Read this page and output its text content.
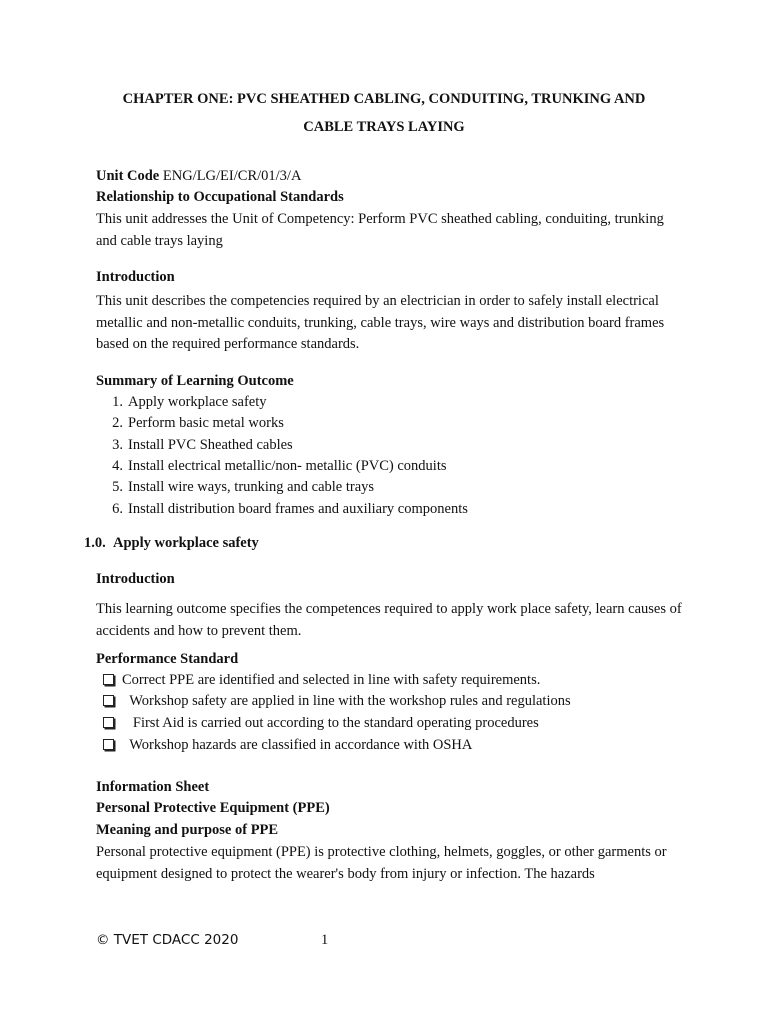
CHAPTER ONE: PVC SHEATHED CABLING, CONDUITING, TRUNKING AND
CABLE TRAYS LAYING
Unit Code ENG/LG/EI/CR/01/3/A
Relationship to Occupational Standards
This unit addresses the Unit of Competency: Perform PVC sheathed cabling, conduiting, trunking and cable trays laying
Introduction
This unit describes the competencies required by an electrician in order to safely install electrical metallic and non-metallic conduits, trunking, cable trays, wire ways and distribution board frames based on the required performance standards.
Summary of Learning Outcome
1. Apply workplace safety
2. Perform basic metal works
3. Install PVC Sheathed cables
4. Install electrical metallic/non- metallic (PVC) conduits
5. Install wire ways, trunking and cable trays
6. Install distribution board frames and auxiliary components
1.0. Apply workplace safety
Introduction
This learning outcome specifies the competences required to apply work place safety, learn causes of accidents and how to prevent them.
Performance Standard
Correct PPE are identified and selected in line with safety requirements.
Workshop safety are applied in line with the workshop rules and regulations
First Aid is carried out according to the standard operating procedures
Workshop hazards are classified in accordance with OSHA
Information Sheet
Personal Protective Equipment (PPE)
Meaning and purpose of PPE
Personal protective equipment (PPE) is protective clothing, helmets, goggles, or other garments or equipment designed to protect the wearer's body from injury or infection. The hazards
© TVET CDACC 2020	1
